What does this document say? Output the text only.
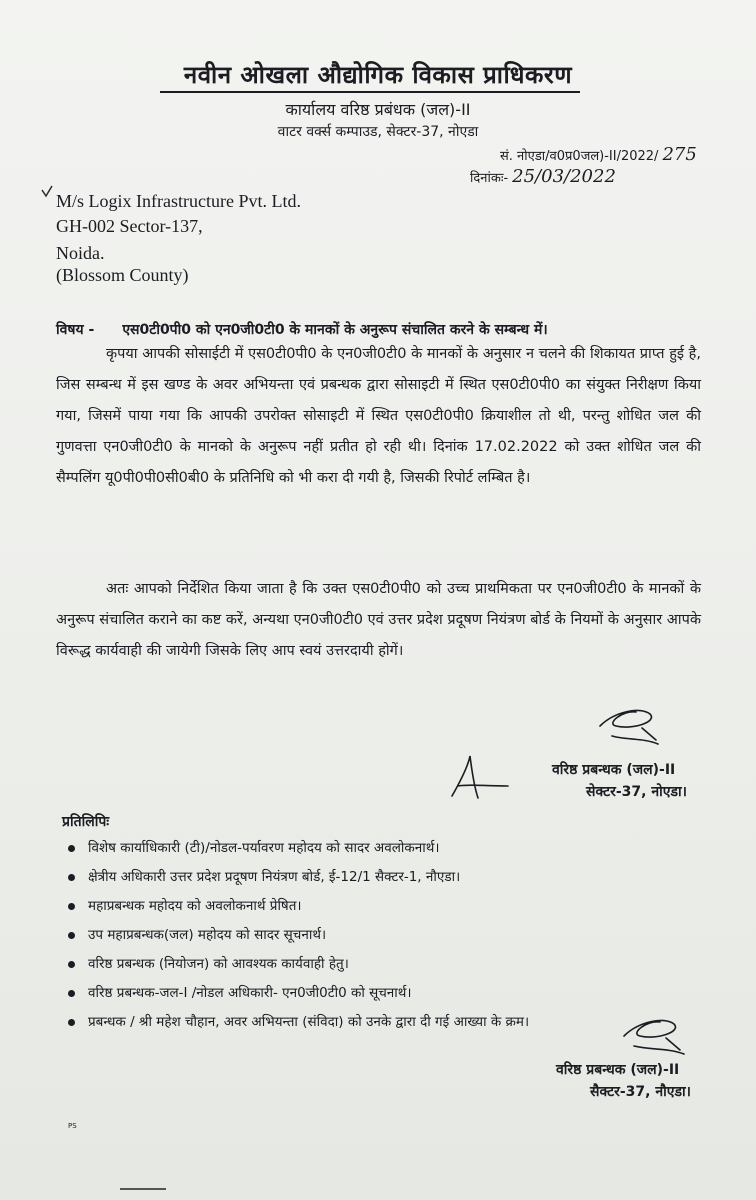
नवीन ओखला औद्योगिक विकास प्राधिकरण
कार्यालय वरिष्ठ प्रबंधक (जल)-II
वाटर वर्क्स कम्पाउड, सेक्टर-37, नोएडा
सं. नोएडा/व0प्र0जल)-II/2022/ 275
दिनांकः- 25/03/2022
M/s Logix Infrastructure Pvt. Ltd.
GH-002 Sector-137,
Noida.
(Blossom County)
विषय - एस0टी0पी0 को एन0जी0टी0 के मानकों के अनुरूप संचालित करने के सम्बन्ध में।

कृपया आपकी सोसाईटी में एस0टी0पी0 के एन0जी0टी0 के मानकों के अनुसार न चलने की शिकायत प्राप्त हुई है, जिस सम्बन्ध में इस खण्ड के अवर अभियन्ता एवं प्रबन्धक द्वारा सोसाइटी में स्थित एस0टी0पी0 का संयुक्त निरीक्षण किया गया, जिसमें पाया गया कि आपकी उपरोक्त सोसाइटी में स्थित एस0टी0पी0 क्रियाशील तो थी, परन्तु शोधित जल की गुणवत्ता एन0जी0टी0 के मानको के अनुरूप नहीं प्रतीत हो रही थी। दिनांक 17.02.2022 को उक्त शोधित जल की सैम्पलिंग यू0पी0पी0सी0बी0 के प्रतिनिधि को भी करा दी गयी है, जिसकी रिपोर्ट लम्बित है।

अतः आपको निर्देशित किया जाता है कि उक्त एस0टी0पी0 को उच्च प्राथमिकता पर एन0जी0टी0 के मानकों के अनुरूप संचालित कराने का कष्ट करें, अन्यथा एन0जी0टी0 एवं उत्तर प्रदेश प्रदूषण नियंत्रण बोर्ड के नियमों के अनुसार आपके विरूद्ध कार्यवाही की जायेगी जिसके लिए आप स्वयं उत्तरदायी होगें।

वरिष्ठ प्रबन्धक (जल)-II
सेक्टर-37, नोएडा।
प्रतिलिपिः
विशेष कार्याधिकारी (टी)/नोडल-पर्यावरण महोदय को सादर अवलोकनार्थ।
क्षेत्रीय अधिकारी उत्तर प्रदेश प्रदूषण नियंत्रण बोर्ड, ई-12/1 सैक्टर-1, नौएडा।
महाप्रबन्धक महोदय को अवलोकनार्थ प्रेषित।
उप महाप्रबन्धक(जल) महोदय को सादर सूचनार्थ।
वरिष्ठ प्रबन्धक (नियोजन) को आवश्यक कार्यवाही हेतु।
वरिष्ठ प्रबन्धक-जल-I /नोडल अधिकारी- एन0जी0टी0 को सूचनार्थ।
प्रबन्धक / श्री महेश चौहान, अवर अभियन्ता (संविदा) को उनके द्वारा दी गई आख्या के क्रम।
वरिष्ठ प्रबन्धक (जल)-II
सैक्टर-37, नौएडा।
PS
